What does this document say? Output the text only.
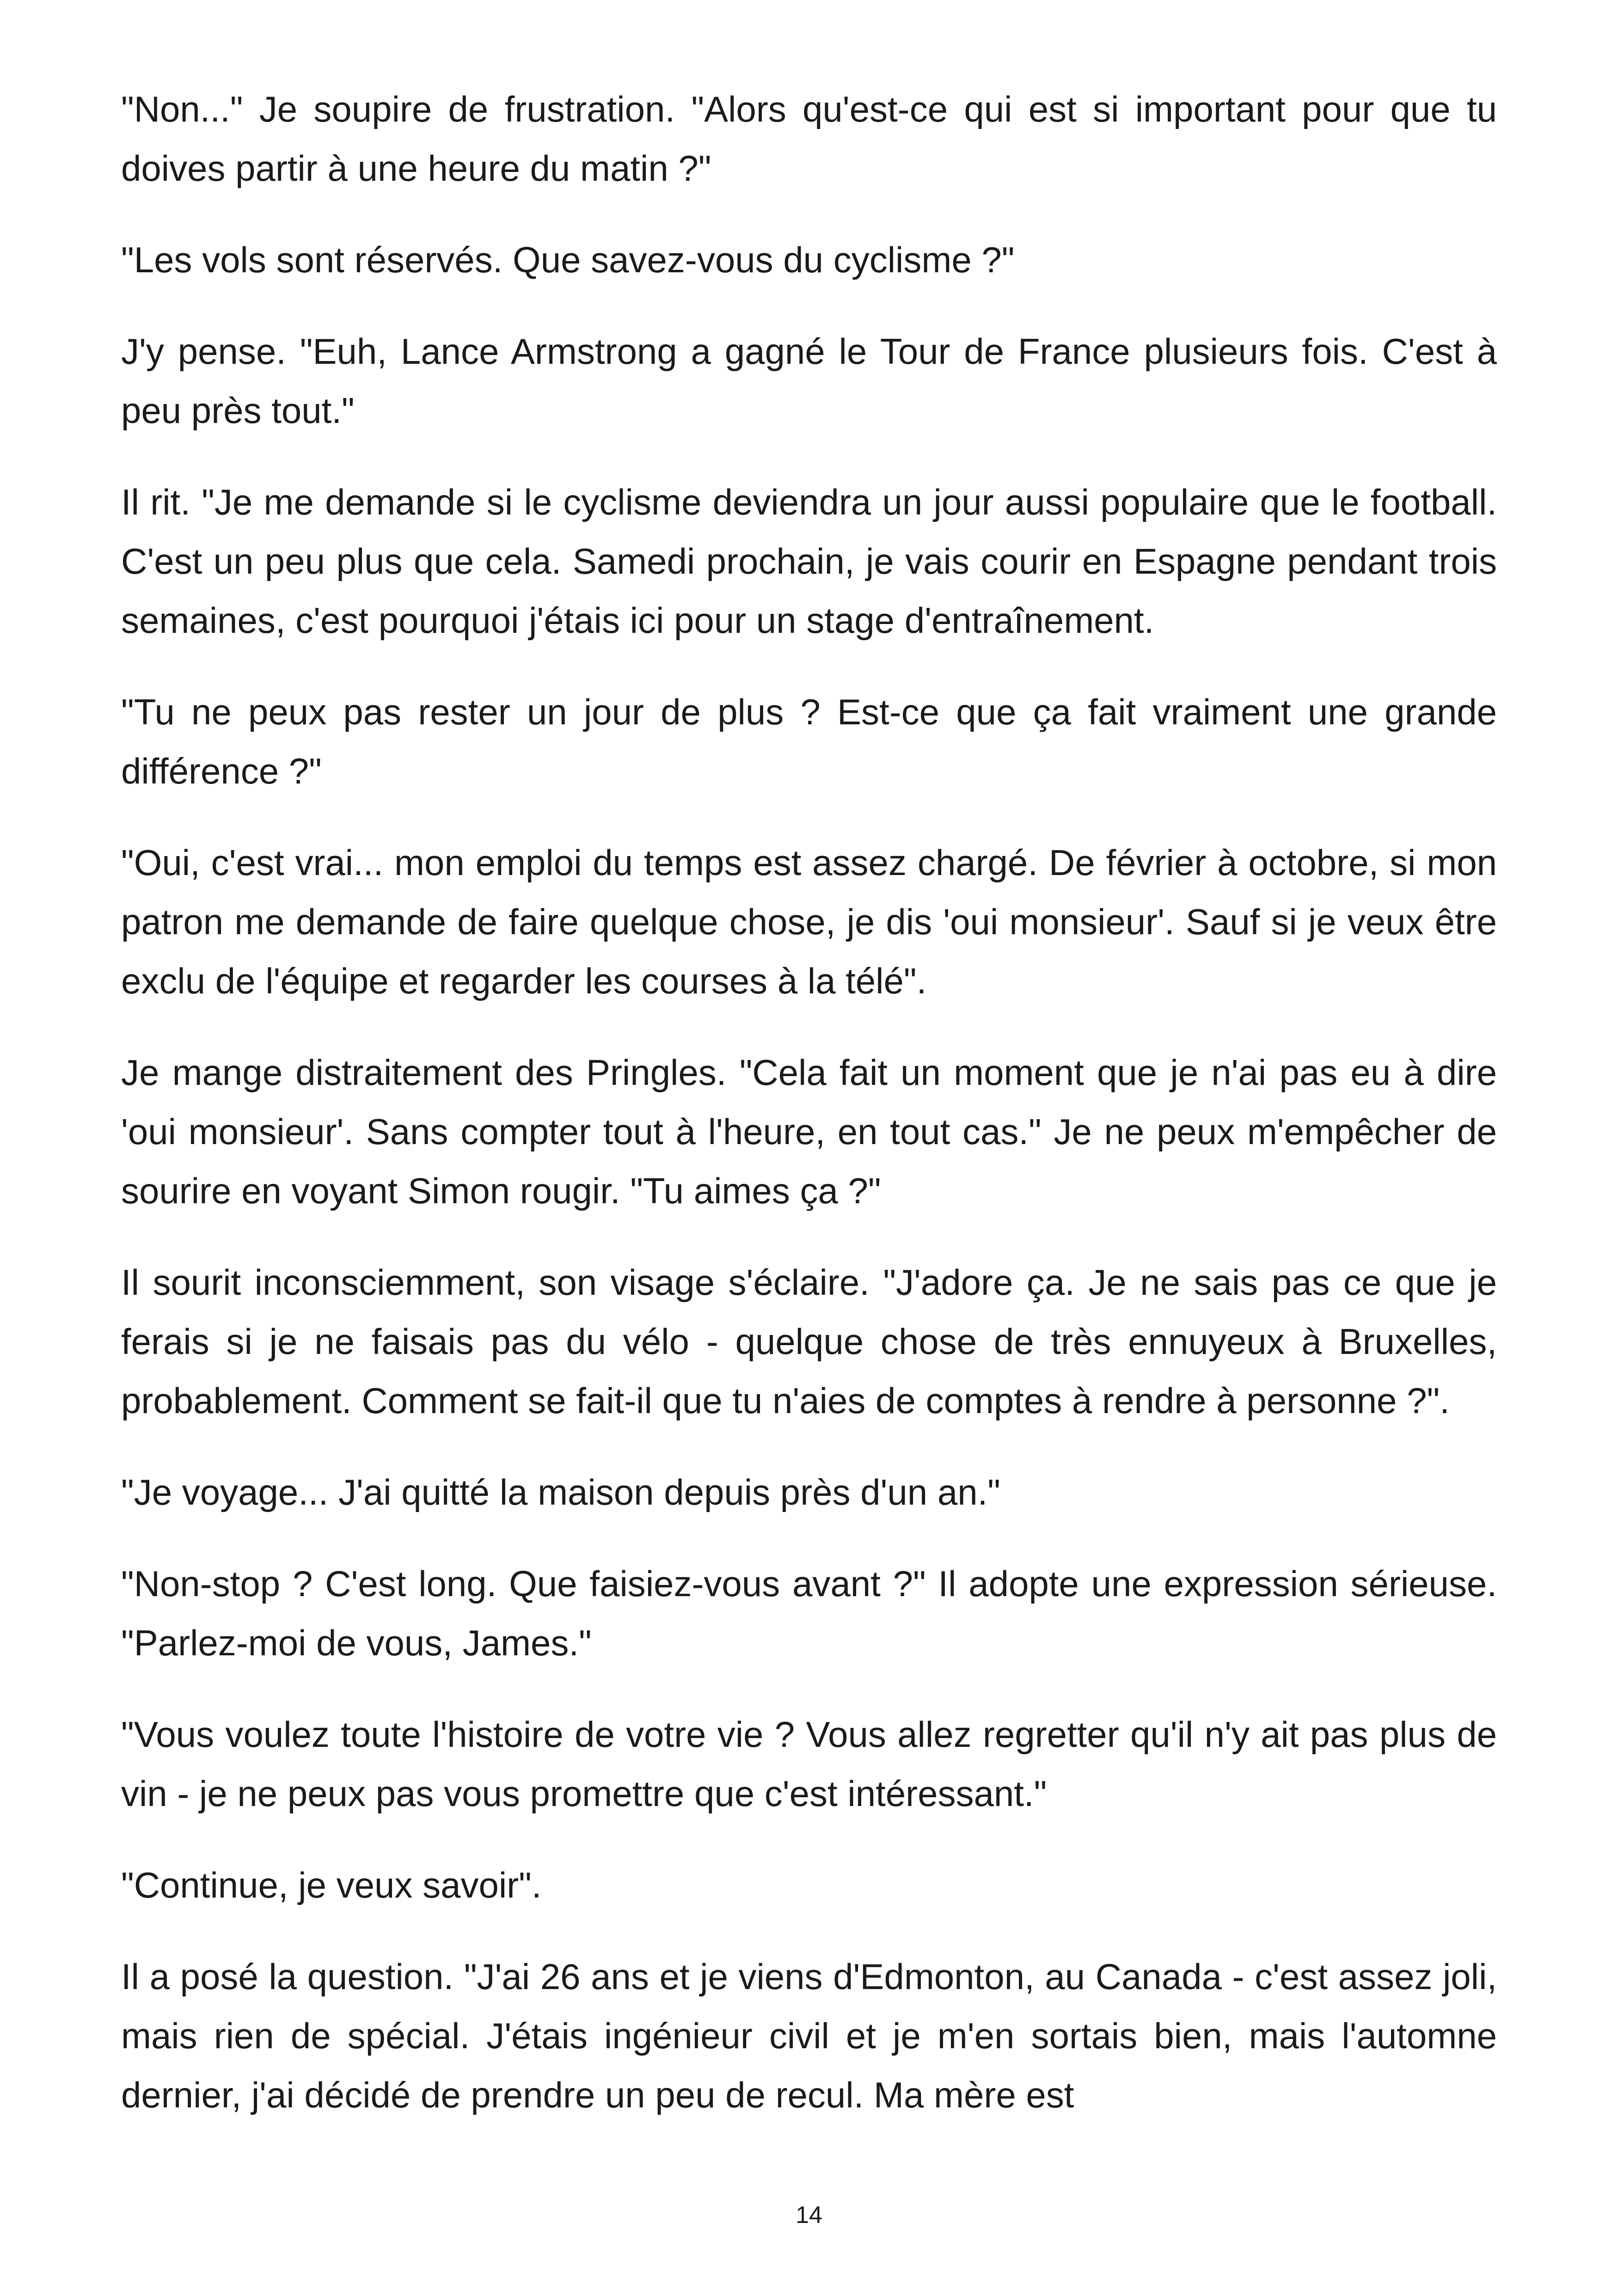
"Non..." Je soupire de frustration. "Alors qu'est-ce qui est si important pour que tu doives partir à une heure du matin ?"

"Les vols sont réservés. Que savez-vous du cyclisme ?"

J'y pense. "Euh, Lance Armstrong a gagné le Tour de France plusieurs fois. C'est à peu près tout."

Il rit. "Je me demande si le cyclisme deviendra un jour aussi populaire que le football. C'est un peu plus que cela. Samedi prochain, je vais courir en Espagne pendant trois semaines, c'est pourquoi j'étais ici pour un stage d'entraînement.

"Tu ne peux pas rester un jour de plus ? Est-ce que ça fait vraiment une grande différence ?"

"Oui, c'est vrai... mon emploi du temps est assez chargé. De février à octobre, si mon patron me demande de faire quelque chose, je dis 'oui monsieur'. Sauf si je veux être exclu de l'équipe et regarder les courses à la télé".

Je mange distraitement des Pringles. "Cela fait un moment que je n'ai pas eu à dire 'oui monsieur'. Sans compter tout à l'heure, en tout cas." Je ne peux m'empêcher de sourire en voyant Simon rougir. "Tu aimes ça ?"

Il sourit inconsciemment, son visage s'éclaire. "J'adore ça. Je ne sais pas ce que je ferais si je ne faisais pas du vélo - quelque chose de très ennuyeux à Bruxelles, probablement. Comment se fait-il que tu n'aies de comptes à rendre à personne ?".

"Je voyage... J'ai quitté la maison depuis près d'un an."

"Non-stop ? C'est long. Que faisiez-vous avant ?" Il adopte une expression sérieuse. "Parlez-moi de vous, James."

"Vous voulez toute l'histoire de votre vie ? Vous allez regretter qu'il n'y ait pas plus de vin - je ne peux pas vous promettre que c'est intéressant."

"Continue, je veux savoir".

Il a posé la question. "J'ai 26 ans et je viens d'Edmonton, au Canada - c'est assez joli, mais rien de spécial. J'étais ingénieur civil et je m'en sortais bien, mais l'automne dernier, j'ai décidé de prendre un peu de recul. Ma mère est

14
